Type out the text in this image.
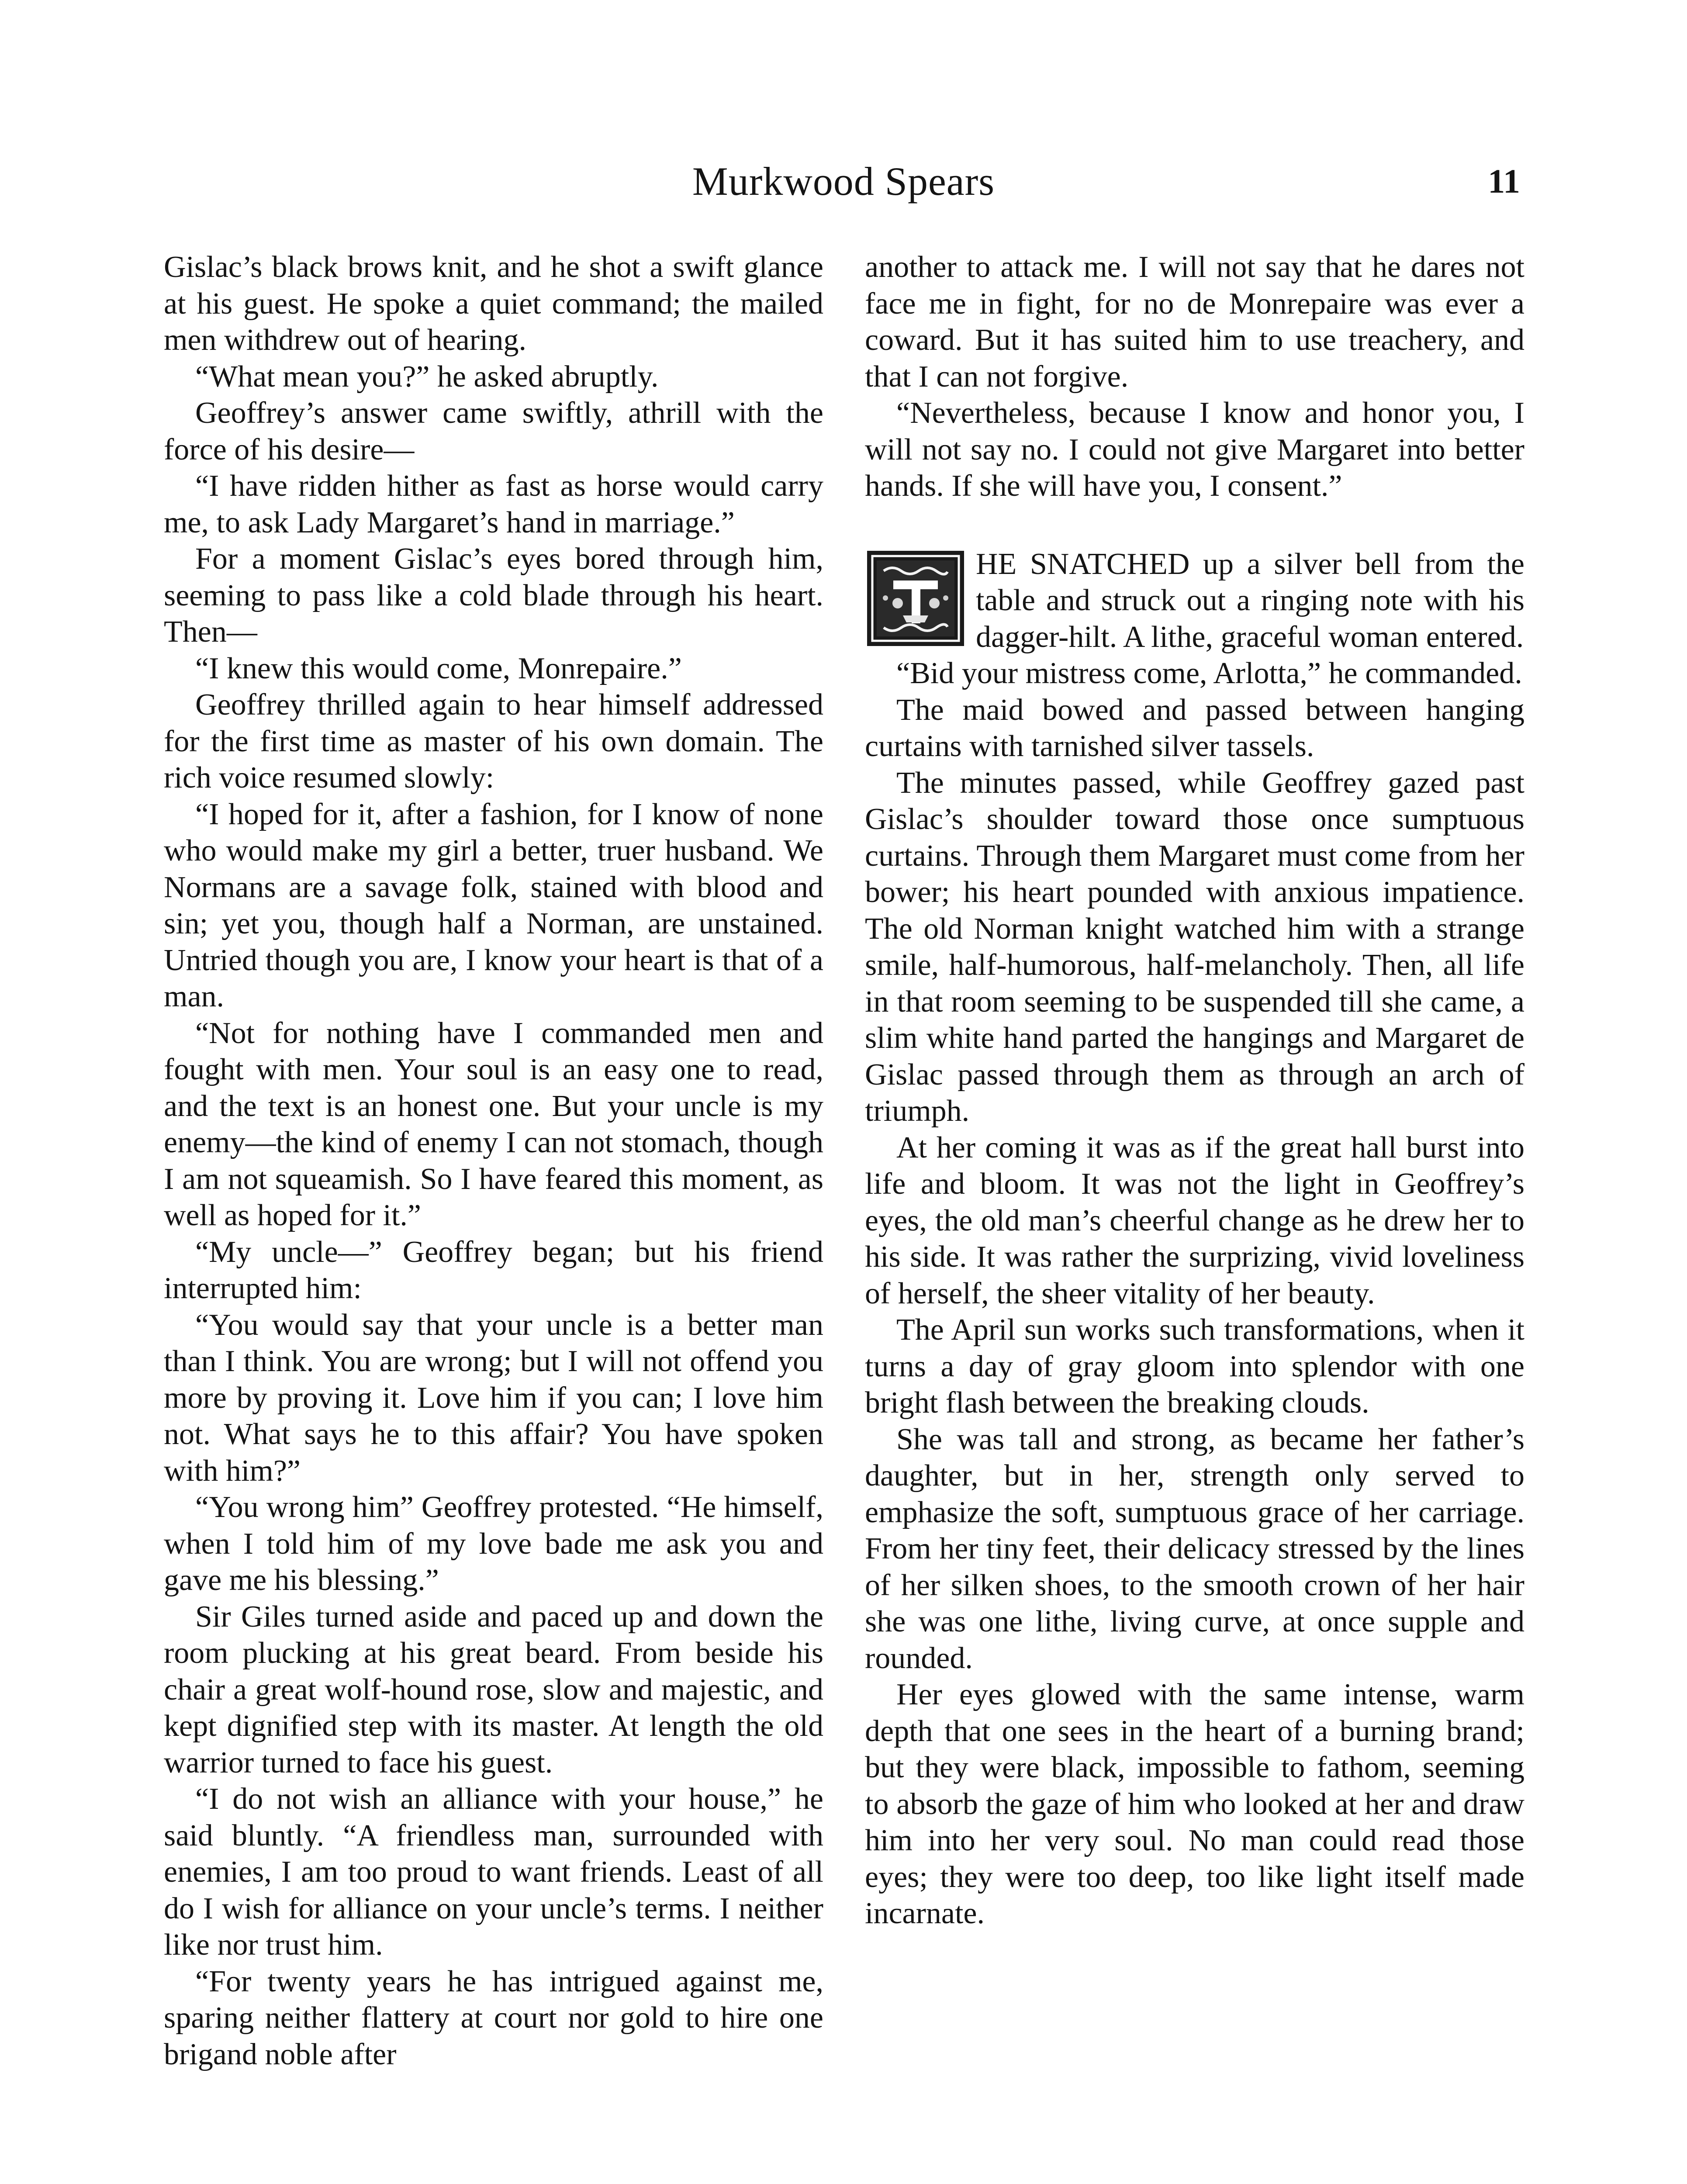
Murkwood Spears	11

Gislac’s black brows knit, and he shot a swift glance at his guest. He spoke a quiet command; the mailed men withdrew out of hearing.

“What mean you?” he asked abruptly.

Geoffrey’s answer came swiftly, athrill with the force of his desire—

“I have ridden hither as fast as horse would carry me, to ask Lady Margaret’s hand in marriage.”

For a moment Gislac’s eyes bored through him, seeming to pass like a cold blade through his heart. Then—

“I knew this would come, Monrepaire.”

Geoffrey thrilled again to hear himself addressed for the first time as master of his own domain. The rich voice resumed slowly:

“I hoped for it, after a fashion, for I know of none who would make my girl a better, truer husband. We Normans are a savage folk, stained with blood and sin; yet you, though half a Norman, are unstained. Untried though you are, I know your heart is that of a man.

“Not for nothing have I commanded men and fought with men. Your soul is an easy one to read, and the text is an honest one. But your uncle is my enemy—the kind of enemy I can not stomach, though I am not squeamish. So I have feared this moment, as well as hoped for it.”

“My uncle—” Geoffrey began; but his friend interrupted him:

“You would say that your uncle is a better man than I think. You are wrong; but I will not offend you more by proving it. Love him if you can; I love him not. What says he to this affair? You have spoken with him?”

“You wrong him” Geoffrey protested. “He himself, when I told him of my love bade me ask you and gave me his blessing.”

Sir Giles turned aside and paced up and down the room plucking at his great beard. From beside his chair a great wolf-hound rose, slow and majestic, and kept dignified step with its master. At length the old warrior turned to face his guest.

“I do not wish an alliance with your house,” he said bluntly. “A friendless man, surrounded with enemies, I am too proud to want friends. Least of all do I wish for alliance on your uncle’s terms. I neither like nor trust him.

“For twenty years he has intrigued against me, sparing neither flattery at court nor gold to hire one brigand noble after

another to attack me. I will not say that he dares not face me in fight, for no de Monrepaire was ever a coward. But it has suited him to use treachery, and that I can not forgive.

“Nevertheless, because I know and honor you, I will not say no. I could not give Margaret into better hands. If she will have you, I consent.”

HE SNATCHED up a silver bell from the table and struck out a ringing note with his dagger-hilt. A lithe, graceful woman entered.

“Bid your mistress come, Arlotta,” he commanded.

The maid bowed and passed between hanging curtains with tarnished silver tassels.

The minutes passed, while Geoffrey gazed past Gislac’s shoulder toward those once sumptuous curtains. Through them Margaret must come from her bower; his heart pounded with anxious impatience. The old Norman knight watched him with a strange smile, half-humorous, half-melancholy. Then, all life in that room seeming to be suspended till she came, a slim white hand parted the hangings and Margaret de Gislac passed through them as through an arch of triumph.

At her coming it was as if the great hall burst into life and bloom. It was not the light in Geoffrey’s eyes, the old man’s cheerful change as he drew her to his side. It was rather the surprizing, vivid loveliness of herself, the sheer vitality of her beauty.

The April sun works such transformations, when it turns a day of gray gloom into splendor with one bright flash between the breaking clouds.

She was tall and strong, as became her father’s daughter, but in her, strength only served to emphasize the soft, sumptuous grace of her carriage. From her tiny feet, their delicacy stressed by the lines of her silken shoes, to the smooth crown of her hair she was one lithe, living curve, at once supple and rounded.

Her eyes glowed with the same intense, warm depth that one sees in the heart of a burning brand; but they were black, impossible to fathom, seeming to absorb the gaze of him who looked at her and draw him into her very soul. No man could read those eyes; they were too deep, too like light itself made incarnate.
